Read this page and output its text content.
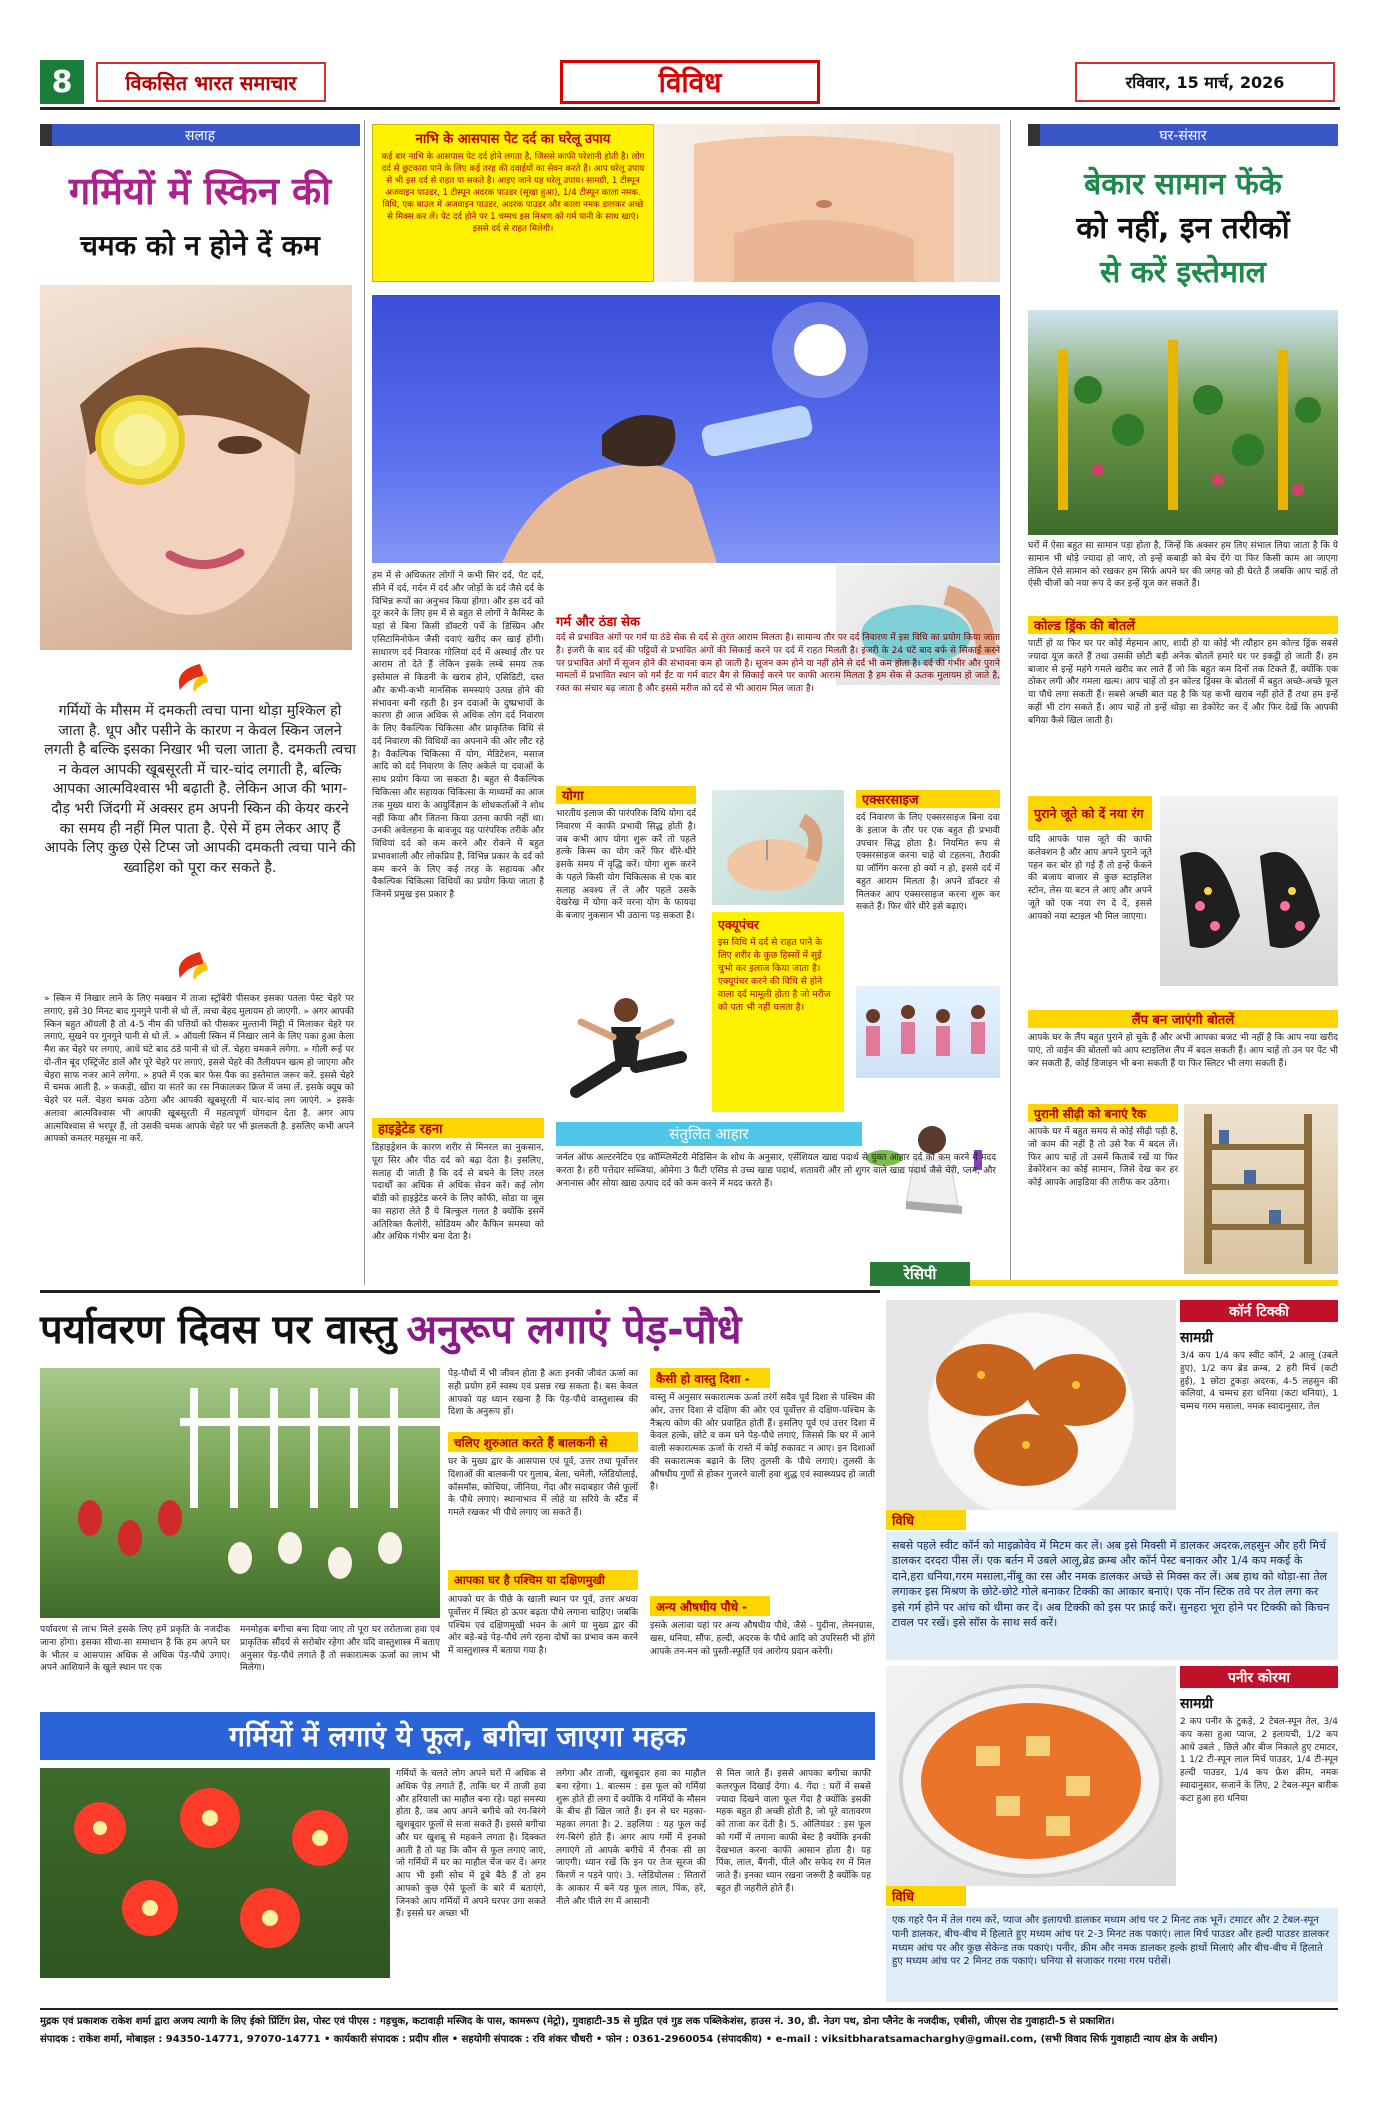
8	विकसित भारत समाचार	विविध	रविवार, 15 मार्च, 2026
सलाह
गर्मियों में स्किन की
चमक को न होने दें कम
गर्मियों के मौसम में दमकती त्वचा पाना थोड़ा मुश्किल हो जाता है. धूप और पसीने के कारण न केवल स्किन जलने लगती है बल्कि इसका निखार भी चला जाता है. दमकती त्वचा न केवल आपकी खूबसूरती में चार-चांद लगाती है, बल्कि आपका आत्मविश्वास भी बढ़ाती है. लेकिन आज की भाग-दौड़ भरी जिंदगी में अक्सर हम अपनी स्किन की केयर करने का समय ही नहीं मिल पाता है. ऐसे में हम लेकर आए हैं आपके लिए कुछ ऐसे टिप्स जो आपकी दमकती त्वचा पाने की ख्वाहिश को पूरा कर सकते है.
» स्किन में निखार लाने के लिए मक्खन में ताजा स्ट्रॉबेरी पीसकर इसका पतला पेस्ट चेहरे पर लगाएं, इसे 30 मिनट बाद गुनगुने पानी से धो लें, त्वचा बेहद मुलायम हो जाएगी. » अगर आपकी स्किन बहुत ऑयली है तो 4-5 नीम की पत्तियों को पीसकर मुल्तानी मिट्टी में मिलाकर चेहरे पर लगाएं, सूखने पर गुनगुने पानी से धो लें. » ऑयली स्किन में निखार लाने के लिए पका हुआ केला मैश कर चेहरे पर लगाएं, आधे घंटे बाद ठंडे पानी से धो लें. चेहरा चमकने लगेगा. » गोली रूई पर दो-तीन बूंद एस्ट्रिंजेंट डालें और पूरे चेहरे पर लगाएं, इससे चेहरे की तैलीयपन खत्म हो जाएगा और चेहरा साफ नजर आने लगेगा. » हफ्ते में एक बार फेस पैक का इस्तेमाल जरूर करें. इससे चेहरे में चमक आती है. » ककड़ी, खीरा या संतरे का रस निकालकर फ्रिज में जमा लें. इसके क्यूब को चेहरे पर मलें. चेहरा चमक उठेगा और आपकी खूबसूरती में चार-चांद लग जाएंगे. » इसके अलावा आत्मविश्वास भी आपकी खूबसूरती में महत्वपूर्ण योगदान देता है. अगर आप आत्मविश्वास से भरपूर हैं, तो उसकी चमक आपके चेहरे पर भी झलकती है. इसलिए कभी अपने आपको कमतर महसूस ना करें.
नाभि के आसपास पेट दर्द का घरेलू उपाय
कई बार नाभि के आसपास पेट दर्द होने लगता है, जिससे काफी परेशानी होती है। लोग दर्द से छुटकारा पाने के लिए कई तरह की दवाईयों का सेवन करते है। आप घरेलू उपाय से भी इस दर्द से राहत पा सकते है। आइए जाने यह घरेलू उपाय। सामग्री, 1 टीस्पून अजवाइन पाउडर, 1 टीस्पून अदरक पाउडर (सूखा हुआ), 1/4 टीस्पून काला नमक. विधि, एक बाउल में अजवाइन पाउडर, अदरक पाउडर और काला नमक डालकर अच्छे से मिक्स कर लें। पेट दर्द होने पर 1 चम्मच इस मिश्रण को गर्म पानी के साथ खाएं। इससे दर्द से राहत मिलेगी।
हम में से अधिकतर लोगों ने कभी सिर दर्द, पेट दर्द, सीने में दर्द, गर्दन में दर्द और जोड़ों के दर्द जैसे दर्द के विभिन्न रूपों का अनुभव किया होगा। और इस दर्द को दूर करने के लिए हम में से बहुत से लोगों ने कैमिस्ट के यहां से बिना किसी डॉक्टरी पर्चे के डिस्प्रिन और एसिटामिनोफेन जैसी दवाएं खरीद कर खाई होंगी। साधारण दर्द निवारक गोलियां दर्द में अस्थाई तौर पर आराम तो देते हैं लेकिन इसके लम्बे समय तक इस्तेमाल से किडनी के खराब होने, एसिडिटी, दस्त और कभी-कभी मानसिक समस्याएं उत्पन्न होने की संभावना बनी रहती है। इन दवाओं के दुष्प्रभावों के कारण ही आज अधिक से अधिक लोग दर्द निवारण के लिए वैकल्पिक चिकित्सा और प्राकृतिक विधि से दर्द निवारण की विधियों का अपनाने की ओर लौट रहे है। वैकल्पिक चिकित्सा में योग, मेडिटेशन, मसाज आदि को दर्द निवारण के लिए अकेले या दवाओं के साथ प्रयोग किया जा सकता है। बहुत से वैकल्पिक चिकित्सा और सहायक चिकित्सा के माध्यमों का आज तक मुख्य धारा के आयुर्विज्ञान के शोधकर्ताओं ने शोध नहीं किया और जितना किया उतना काफी नहीं था। उनकी अवेलहना के बावजूद यह पारंपरिक तरीके और विधियां दर्द को कम करने और रोकने में बहुत प्रभावशाली और लोकप्रिय है, विभिन्न प्रकार के दर्द को कम करने के लिए कई तरह के सहायक और वैकल्पिक चिकित्सा विधियों का प्रयोग किया जाता है जिनमें प्रमुख इस प्रकार है
हाइड्रेटेड रहना
डिहाइड्रेशन के कारण शरीर से मिनरल का नुकसान, पूरा सिर और पीठ दर्द को बढ़ा देता है। इसलिए, सलाह दी जाती है कि दर्द से बचने के लिए तरल पदार्थों का अधिक से अधिक सेवन करें। कई लोग बॉडी को हाइड्रेटेड करने के लिए कॉफी, सोडा या जूस का सहारा लेते हैं ये बिल्कुल गलत है क्योंकि इसमें अतिरिक्त कैलोरी, सोडियम और कैफिन समस्या को और अधिक गंभीर बना देता है।
गर्म और ठंडा सेक
दर्द से प्रभावित अंगों पर गर्म या ठंडे सेक से दर्द से तुरंत आराम मिलता है। सामान्य तौर पर दर्द निवारण में इस विधि का प्रयोग किया जाता है। इंजरी के बाद दर्द की पट्टियों से प्रभावित अंगों की सिकाई करने पर दर्द में राहत मिलती है। इंजरी के 24 घंटे बाद बर्फ से सिकाई करने पर प्रभावित अंगों में सूजन होने की संभावना कम हो जाती है। सूजन कम होने या नहीं होने से दर्द भी कम होता है। दर्द की गंभीर और पुराने मामलों में प्रभावित स्थान को गर्म ईंट या गर्म वाटर बैग से सिकाई करने पर काफी आराम मिलता है हम सेक से ऊतक मुलायम हो जाते है, रक्त का संचार बढ़ जाता है और इससे मरीज को दर्द से भी आराम मिल जाता है।
योगा
भारतीय इलाज की पारंपरिक विधि योगा दर्द निवारण में काफी प्रभावी सिद्ध होती है। जब कभी आप योगा शुरू करें तो पहले हल्के किस्म का योग करें फिर धीरे-धीरे इसके समय में वृद्धि करें। योगा शुरू करने के पहले किसी योग चिकित्सक से एक बार सलाह अवश्य लें ले और पहले उसके देखरेख में योगा करें वरना योग के फायदा के बजाए नुकसान भी उठाना पड़ सकता है।
एक्यूपंचर
इस विधि में दर्द से राहत पाने के लिए शरीर के कुछ हिस्सों में सुई चुभो कर इलाज किया जाता है। एक्यूपंचर करने की विधि से होने वाला दर्द मामूली होता है जो मरीज को पता भी नहीं चलता है।
एक्सरसाइज
दर्द निवारण के लिए एक्सरसाइज बिना दवा के इलाज के तौर पर एक बहुत ही प्रभावी उपचार सिद्ध होता है। नियमित रूप से एक्सरसाइज करना चाहे वो टहलना, तैराकी या जॉगिंग करना हो क्यों न हो, इससे दर्द में बहुत आराम मिलता है। अपने डॉक्टर से मिलकर आप एक्सरसाइज करना शुरू कर सकते हैं। फिर धीरे धीरे इसे बढ़ाएं।
संतुलित आहार
जर्नल ऑफ अल्टरनेटिव एंड कॉम्प्लिमेंटरी मेडिसिन के शोध के अनुसार, एसेंशियल खाद्य पदार्थ से युक्त आहार दर्द को कम करने में मदद करता है। हरी पत्तेदार सब्जियां, ओमेगा 3 फैटी एसिड से उच्च खाद्य पदार्थ, शतावरी और लो शुगर वाले खाद्य पदार्थ जैसे चेरी, प्लम, और अनानास और सोया खाद्य उत्पाद दर्द को कम करने में मदद करते हैं।
घर-संसार
बेकार सामान फेंके
को नहीं, इन तरीकों
से करें इस्तेमाल
घरों में ऐसा बहुत सा सामान पड़ा होता है, जिन्हें कि अक्सर हम लिए संभाल लिया जाता है कि ये सामान भी थोड़े ज्यादा हो जाएं, तो इन्हें कबाड़ी को बेच देंगे या फिर किसी काम आ जाएगा लेकिन ऐसे सामान को रखकर हम सिर्फ अपने घर की जगह को ही घेरते हैं जबकि आप चाहें तो ऐसी चीजों को नया रूप दे कर इन्हें यूज कर सकते हैं।
कोल्ड ड्रिंक की बोतलें
पार्टी हो या फिर घर पर कोई मेहमान आए, शादी हो या कोई भी त्यौहार हम कोल्ड ड्रिंक सबसे ज्यादा यूज करते हैं तथा उसकी छोटी बड़ी अनेक बोतलें हमारे घर पर इकट्ठी हो जाती हैं। हम बाजार से इन्हें महंगे गमले खरीद कर लाते हैं जो कि बहुत कम दिनों तक टिकते हैं, क्योंकि एक ठोकर लगी और गमला खत्म। आप चाहें तो इन कोल्ड ड्रिंक्स के बोतलों में बहुत अच्छे-अच्छे फूल या पौधे लगा सकती हैं। सबसे अच्छी बात यह है कि यह कभी खराब नहीं होते हैं तथा हम इन्हें कहीं भी टांग सकते हैं। आप चाहें तो इन्हें थोड़ा सा डेकोरेट कर दें और फिर देखें कि आपकी बगिया कैसे खिल जाती है।
पुराने जूते को दें नया रंग
यदि आपके पास जूते की काफी कलेक्शन है और आप अपने पुराने जूते पहन कर बोर हो गई हैं तो इन्हें फेंकने की बजाय बाजार से कुछ स्टाइलिश स्टोन, लेस या बटन ले आएं और अपने जूते को एक नया रंग दे दें, इससे आपको नया स्टाइल भी मिल जाएगा।
लैंप बन जाएंगी बोतलें
आपके घर के लैंप बहुत पुराने हो चुके हैं और अभी आपका बजट भी नहीं है कि आप नया खरीद पाएं, तो वाईन की बोतलों को आप स्टाइलिश लैंप में बदल सकती हैं। आप चाहें तो उन पर पेंट भी कर सकती हैं, कोई डिजाइन भी बना सकती हैं या फिर स्लिटर भी लगा सकती हैं।
पुरानी सीढ़ी को बनाएं रैक
आपके घर में बहुत समय से कोई सीढ़ी पड़ी है, जो काम की नहीं है तो उसे रैक में बदल लें। फिर आप चाहें तो उसमें किताबें रखें या फिर डेकोरेशन का कोई सामान, जिसे देख कर हर कोई आपके आइडिया की तारीफ कर उठेगा।
रेसिपी
पर्यावरण दिवस पर वास्तु अनुरूप लगाएं पेड़-पौधे
पर्यावरण से लाभ मिले इसके लिए हमें प्रकृति के नजदीक जाना होगा। इसका सीधा-सा समाधान है कि हम अपने घर के भीतर व आसपास अधिक से अधिक पेड़-पौधे उगाएं। अपने आशियाने के खुले स्थान पर एक
मनमोहक बगीचा बना दिया जाए तो पूरा घर तरोताजा हवा एवं प्राकृतिक सौंदर्य से सरोबोर रहेगा और यदि वास्तुशास्त्र में बताए अनुसार पेड़-पौधे लगाते हैं तो सकारात्मक ऊर्जा का लाभ भी मिलेगा।
पेड़-पौधों में भी जीवन होता है अतः इनकी जीवंत ऊर्जा का सही प्रयोग हमें स्वस्थ एवं प्रसन्न रख सकता है। बस केवल आपको यह ध्यान रखना है कि पेड़-पौधे वास्तुशास्त्र की दिशा के अनुरूप हों।
चलिए शुरुआत करते हैं बालकनी से
घर के मुख्य द्वार के आसपास एवं पूर्व, उत्तर तथा पूर्वोत्तर दिशाओं की बालकनी पर गुलाब, बेला, चमेली, ग्लेडियोलाई, कॉसमॉस, कोचिया, जीनिया, गेंदा और सदाबहार जैसे फूलों के पौधे लगाएं। स्थानाभाव में लोहे या सरिये के स्टैंड में गमले रखकर भी पौधे लगाए जा सकते हैं।
आपका घर है पश्चिम या दक्षिणमुखी
आपको घर के पीछे के खाली स्थान पर पूर्व, उत्तर अथवा पूर्वोत्तर में स्थित हो ऊपर बढ़ता पौधे लगाना चाहिए। जबकि पश्चिम एवं दक्षिणमुखी भवन के आगे या मुख्य द्वार की ओर बड़े-बड़े पेड़-पौधे लगे रहना दोषों का प्रभाव कम करने में वास्तुशास्त्र में बताया गया है।
कैसी हो वास्तु दिशा -
वास्तु में अनुसार सकारात्मक ऊर्जा तरंगें सदैव पूर्व दिशा से पश्चिम की ओर, उत्तर दिशा से दक्षिण की ओर एवं पूर्वोत्तर से दक्षिण-पश्चिम के नैऋत्य कोण की ओर प्रवाहित होती हैं। इसलिए पूर्व एवं उत्तर दिशा में केवल हल्के, छोटे व कम घने पेड़-पौधे लगाएं, जिससे कि घर में आने वाली सकारात्मक ऊर्जा के रास्ते में कोई रुकावट न आए। इन दिशाओं की सकारात्मक बढ़ाने के लिए तुलसी के पौधे लगाएं। तुलसी के औषधीय गुणों से होकर गुजरने वाली हवा शुद्ध एवं स्वास्थ्यप्रद हो जाती है।
अन्य औषधीय पौधे -
इसके अलावा यहां पर अन्य औषधीय पौधे, जैसे - पुदीना, लेमनग्रास, खस, धनिया, सौंफ, हल्दी, अदरक के पौधे आदि को उपरिसरी भी होंगे आपके तन-मन को पुस्ती-स्फूर्ति एवं आरोग्य प्रदान करेगी।
गर्मियों में लगाएं ये फूल, बगीचा जाएगा महक
गर्मियों के चलते लोग अपने घरों में अधिक से अधिक पेड़ लगाते हैं, ताकि घर में ताजी हवा और हरियाली का माहौल बना रहे। यहां समस्या होता है, जब आप अपने बगीचे को रंग-बिरंगे खुशबूदार फूलों से सजा सकते हैं। इससे बगीचा और घर खुशबू से महकने लगता है। दिक्कत आती है तो यह कि कौन से फूल लगाएं जाएं, जो गर्मियों में घर का माहौल चेंज कर दें। अगर आप भी इसी सोच में डूबे बैठे हैं तो हम आपको कुछ ऐसे फूलों के बारे में बताएंगे, जिनको आप गर्मियों में अपने घरपर उगा सकते हैं। इससे घर अच्छा भी
लगेगा और ताजी, खुशबूदार हवा का माहौल बना रहेगा। 1. बाल्सम : इस फूल को गर्मियां शुरू होते ही लगा दें क्योंकि ये गर्मियों के मौसम के बीच ही खिल जाते हैं। इन से घर महका-महका लगता है। 2. डहलिया : यह फूल कई रंग-बिरंगे होते हैं। अगर आप गर्मी में इनको लगाएंगे तो आपके बगीचे में रौनक सी छा जाएगी। ध्यान रखें कि इन पर तेज सूरज की किरणें न पड़ने पाएं। 3. ग्लेडियोलस : सितारों के आकार में बने यह फूल लाल, पिंक, हरे, नीले और पीले रंग में आसानी
से मिल जाते हैं। इससे आपका बगीचा काफी कलरफुल दिखाई देगा। 4. गेंदा : घरों में सबसे ज्यादा दिखने वाला फूल गेंदा है क्योंकि इसकी महक बहुत ही अच्छी होती है, जो पूरे वातावरण को ताजा कर देती है। 5. ओलियंडर : इस फूल को गर्मी में लगाना काफी बेस्ट है क्योंकि इनकी देखभाल करना काफी आसान होता है। यह पिंक, लाल, बैंगनी, पीले और सफेद रंग में मिल जाते हैं। इनका ध्यान रखना जरूरी है क्योंकि यह बहुत ही जहरीले होते हैं।
कॉर्न टिक्की
सामग्री
3/4 कप 1/4 कप स्वीट कॉर्न, 2 आलू (उबले हुए), 1/2 कप ब्रेड क्रम्ब, 2 हरी मिर्च (कटी हुई), 1 छोटा टुकड़ा अदरक, 4-5 लहसुन की कलियां, 4 चम्मच हरा धनिया (कटा धनिया), 1 चम्मच गरम मसाला, नमक स्वादानुसार, तेल
विधि
सबसे पहले स्वीट कॉर्न को माइक्रोवेव में मिटम कर लें। अब इसे मिक्सी में डालकर अदरक,लहसुन और हरी मिर्च डालकर दरदरा पीस लें। एक बर्तन में उबले आलू,ब्रेड क्रम्ब और कॉर्न पेस्ट बनाकर और 1/4 कप मकई के दाने,हरा धनिया,गरम मसाला,नींबू का रस और नमक डालकर अच्छे से मिक्स कर लें। अब हाथ को थोड़ा-सा तेल लगाकर इस मिश्रण के छोटे-छोटे गोले बनाकर टिक्की का आकार बनाएं। एक नॉन स्टिक तवे पर तेल लगा कर इसे गर्म होने पर आंच को धीमा कर दें। अब टिक्की को इस पर फ्राई करें। सुनहरा भूरा होने पर टिक्की को किचन टावल पर रखें। इसे सॉस के साथ सर्व करें।
पनीर कोरमा
सामग्री
2 कप पनीर के टुकड़े, 2 टेबल-स्पून तेल, 3/4 कप कसा हुआ प्याज, 2 इलायची, 1/2 कप आधे उबले , छिले और बीज निकाले हुए टमाटर, 1 1/2 टी-स्पून लाल मिर्च पाउडर, 1/4 टी-स्पून हल्दी पाउडर, 1/4 कप फ्रेश क्रीम, नमक स्वादानुसार, सजाने के लिए, 2 टेबल-स्पून बारीक कटा हुआ हरा धनिया
विधि
एक गहरे पैन में तेल गरम करें, प्याज और इलायची डालकर मध्यम आंच पर 2 मिनट तक भूनें। टमाटर और 2 टेबल-स्पून पानी डालकर, बीच-बीच में हिलाते हुए मध्यम आंच पर 2-3 मिनट तक पकाएं। लाल मिर्च पाउडर और हल्दी पाउडर डालकर मध्यम आंच पर और कुछ सेकेन्ड तक पकाएं। पनीर, क्रीम और नमक डालकर हल्के हाथों मिलाएं और बीच-बीच में हिलाते हुए मध्यम आंच पर 2 मिनट तक पकाएं। धनिया से सजाकर गरमा गरम परोसें।
मुद्रक एवं प्रकाशक राकेश शर्मा द्वारा अजय त्यागी के लिए ईको प्रिंटिंग प्रेस, पोस्ट एवं पीएस : गड़चुक, कटावाड़ी मस्जिद के पास, कामरूप (मेट्रो), गुवाहाटी-35 से मुद्रित एवं गुड लक पब्लिकेशंस, हाउस नं. 30, डी. नेउग पथ, डोना प्लैनेट के नजदीक, एबीसी, जीएस रोड गुवाहाटी-5 से प्रकाशित।
संपादक : राकेश शर्मा, मोबाइल : 94350-14771, 97070-14771 • कार्यकारी संपादक : प्रदीप शील • सहयोगी संपादक : रवि शंकर चौधरी • फोन : 0361-2960054 (संपादकीय) • e-mail : viksitbharatsamacharghy@gmail.com, (सभी विवाद सिर्फ गुवाहाटी न्याय क्षेत्र के अधीन)
